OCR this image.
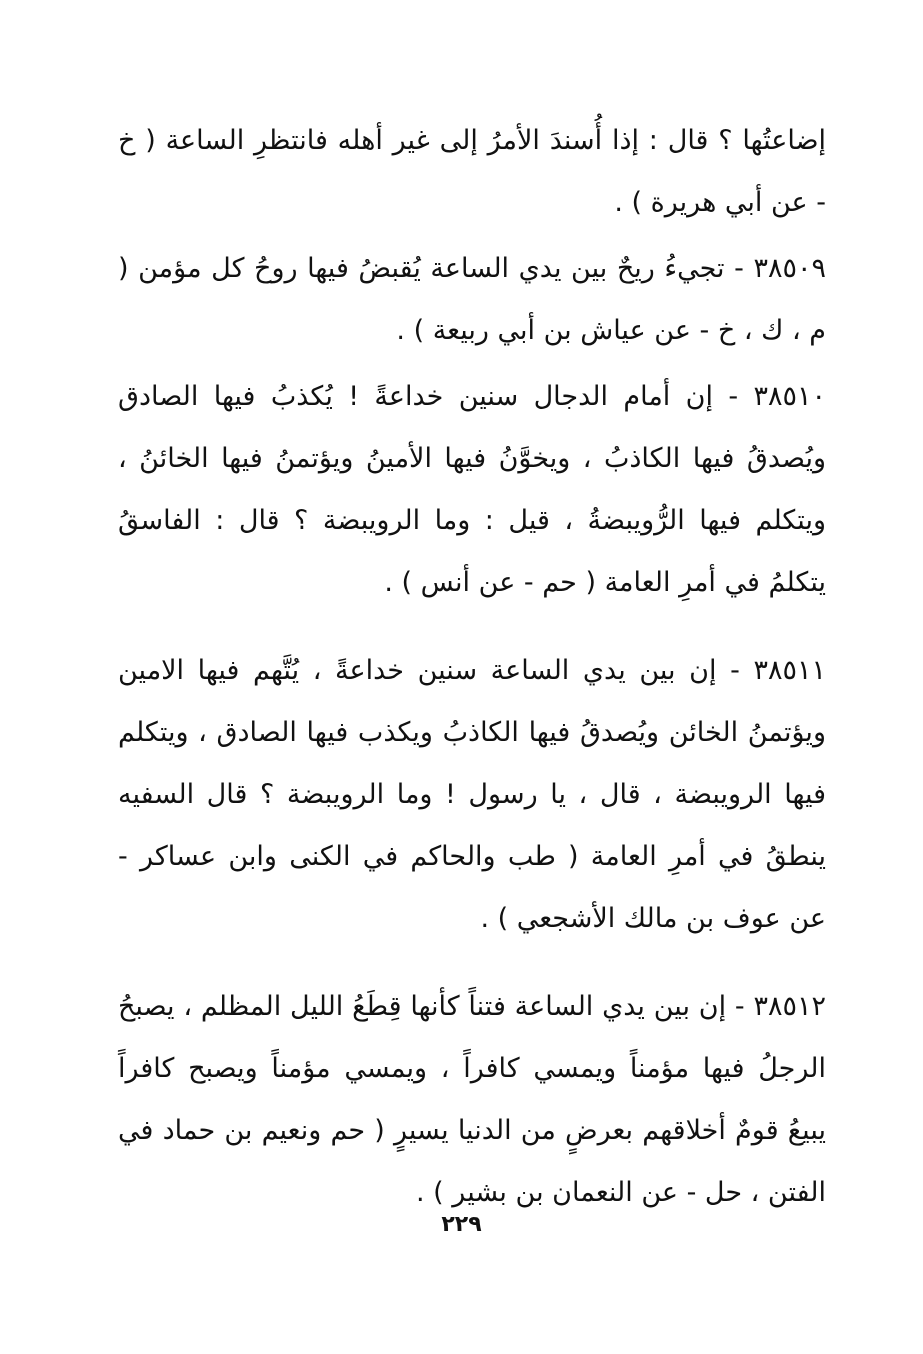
إضاعتُها ؟ قال : إذا أُسندَ الأمرُ إلى غير أهله فانتظرِ الساعة ( خ - عن أبي هريرة ) .

٣٨٥٠٩ - تجيءُ ريحٌ بين يدي الساعة يُقبضُ فيها روحُ كل مؤمن ( م ، ك ، خ - عن عياش بن أبي ربيعة ) .

٣٨٥١٠ - إن أمام الدجال سنين خداعةً ! يُكذبُ فيها الصادق ويُصدقُ فيها الكاذبُ ، ويخوَّنُ فيها الأمينُ ويؤتمنُ فيها الخائنُ ، ويتكلم فيها الرُّويبضةُ ، قيل : وما الرويبضة ؟ قال : الفاسقُ يتكلمُ في أمرِ العامة ( حم - عن أنس ) .

٣٨٥١١ - إن بين يدي الساعة سنين خداعةً ، يُتَّهم فيها الامين ويؤتمنُ الخائن ويُصدقُ فيها الكاذبُ ويكذب فيها الصادق ، ويتكلم فيها الرويبضة ، قال ، يا رسول ! وما الرويبضة ؟ قال السفيه ينطقُ في أمرِ العامة ( طب والحاكم في الكنى وابن عساكر - عن عوف بن مالك الأشجعي ) .

٣٨٥١٢ - إن بين يدي الساعة فتناً كأنها قِطَعُ الليل المظلم ، يصبحُ الرجلُ فيها مؤمناً ويمسي كافراً ، ويمسي مؤمناً ويصبح كافراً يبيعُ قومٌ أخلاقهم بعرضٍ من الدنيا يسيرٍ ( حم ونعيم بن حماد في الفتن ، حل - عن النعمان بن بشير ) .

٢٢٩
